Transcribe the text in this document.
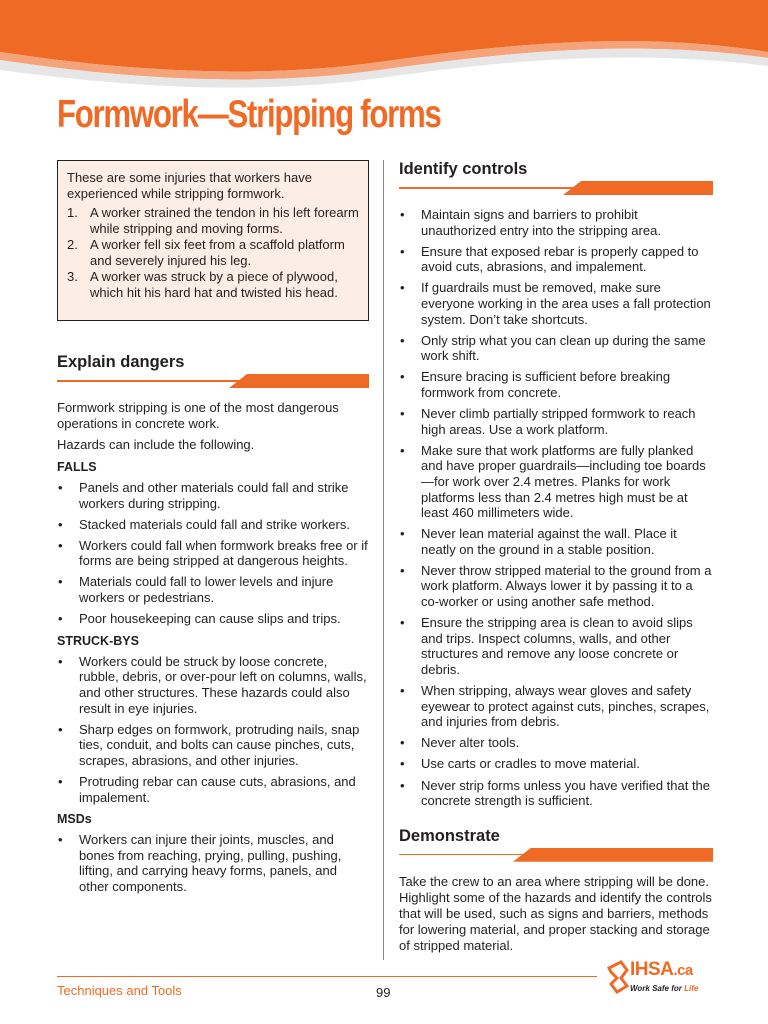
Formwork—Stripping forms

These are some injuries that workers have experienced while stripping formwork.

1. A worker strained the tendon in his left forearm while stripping and moving forms.
2. A worker fell six feet from a scaffold platform and severely injured his leg.
3. A worker was struck by a piece of plywood, which hit his hard hat and twisted his head.
Explain dangers

Formwork stripping is one of the most dangerous operations in concrete work.

Hazards can include the following.

FALLS
• Panels and other materials could fall and strike workers during stripping.
• Stacked materials could fall and strike workers.
• Workers could fall when formwork breaks free or if forms are being stripped at dangerous heights.
• Materials could fall to lower levels and injure workers or pedestrians.
• Poor housekeeping can cause slips and trips.
STRUCK-BYS
• Workers could be struck by loose concrete, rubble, debris, or over-pour left on columns, walls, and other structures. These hazards could also result in eye injuries.
• Sharp edges on formwork, protruding nails, snap ties, conduit, and bolts can cause pinches, cuts, scrapes, abrasions, and other injuries.
• Protruding rebar can cause cuts, abrasions, and impalement.
MSDs
• Workers can injure their joints, muscles, and bones from reaching, prying, pulling, pushing, lifting, and carrying heavy forms, panels, and other components.
Identify controls
• Maintain signs and barriers to prohibit unauthorized entry into the stripping area.
• Ensure that exposed rebar is properly capped to avoid cuts, abrasions, and impalement.
• If guardrails must be removed, make sure everyone working in the area uses a fall protection system. Don’t take shortcuts.
• Only strip what you can clean up during the same work shift.
• Ensure bracing is sufficient before breaking formwork from concrete.
• Never climb partially stripped formwork to reach high areas. Use a work platform.
• Make sure that work platforms are fully planked and have proper guardrails—including toe boards—for work over 2.4 metres. Planks for work platforms less than 2.4 metres high must be at least 460 millimeters wide.
• Never lean material against the wall. Place it neatly on the ground in a stable position.
• Never throw stripped material to the ground from a work platform. Always lower it by passing it to a co-worker or using another safe method.
• Ensure the stripping area is clean to avoid slips and trips. Inspect columns, walls, and other structures and remove any loose concrete or debris.
• When stripping, always wear gloves and safety eyewear to protect against cuts, pinches, scrapes, and injuries from debris.
• Never alter tools.
• Use carts or cradles to move material.
• Never strip forms unless you have verified that the concrete strength is sufficient.
Demonstrate

Take the crew to an area where stripping will be done. Highlight some of the hazards and identify the controls that will be used, such as signs and barriers, methods for lowering material, and proper stacking and storage of stripped material.

Techniques and Tools	99
IHSA.ca
Work Safe for Life
